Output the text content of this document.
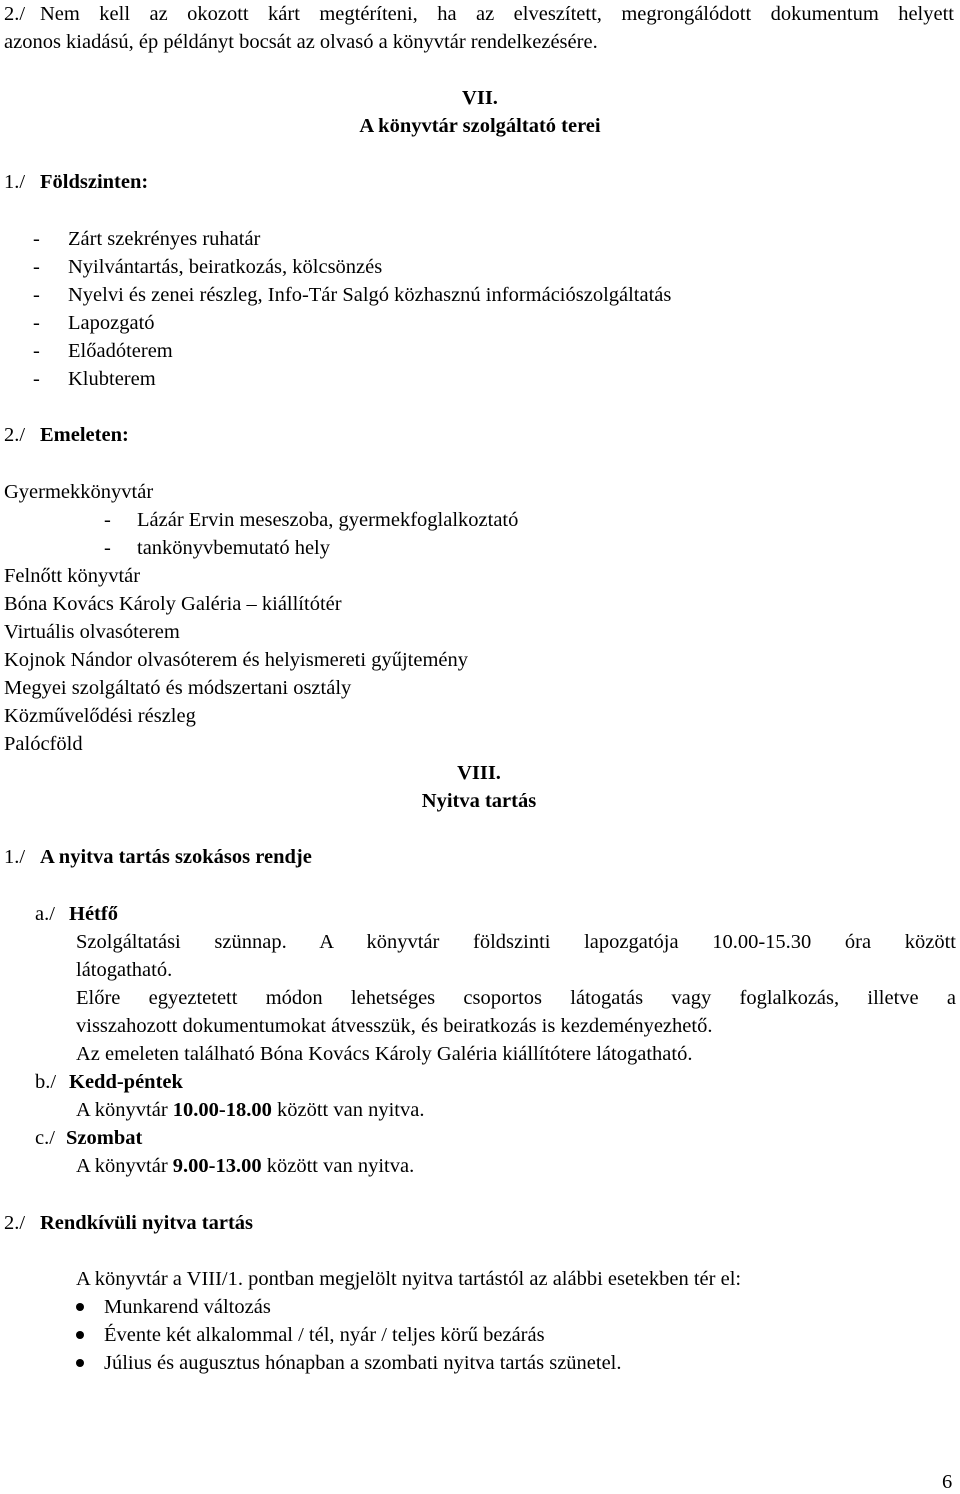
2./ Nem kell az okozott kárt megtéríteni, ha az elveszített, megrongálódott dokumentum helyett
azonos kiadású, ép példányt bocsát az olvasó a könyvtár rendelkezésére.
VII.
A könyvtár szolgáltató terei
1./ Földszinten:
- Zárt szekrényes ruhatár
- Nyilvántartás, beiratkozás, kölcsönzés
- Nyelvi és zenei részleg, Info-Tár Salgó közhasznú információszolgáltatás
- Lapozgató
- Előadóterem
- Klubterem
2./ Emeleten:
Gyermekkönyvtár
- Lázár Ervin meseszoba, gyermekfoglalkoztató
- tankönyvbemutató hely
Felnőtt könyvtár
Bóna Kovács Károly Galéria – kiállítótér
Virtuális olvasóterem
Kojnok Nándor olvasóterem és helyismereti gyűjtemény
Megyei szolgáltató és módszertani osztály
Közművelődési részleg
Palócföld
VIII.
Nyitva tartás
1./ A nyitva tartás szokásos rendje
a./ Hétfő
Szolgáltatási szünnap. A könyvtár földszinti lapozgatója 10.00-15.30 óra között
látogatható.
Előre egyeztetett módon lehetséges csoportos látogatás vagy foglalkozás, illetve a
visszahozott dokumentumokat átvesszük, és beiratkozás is kezdeményezhető.
Az emeleten található Bóna Kovács Károly Galéria kiállítótere látogatható.
b./ Kedd-péntek
A könyvtár 10.00-18.00 között van nyitva.
c./ Szombat
A könyvtár 9.00-13.00 között van nyitva.
2./ Rendkívüli nyitva tartás
A könyvtár a VIII/1. pontban megjelölt nyitva tartástól az alábbi esetekben tér el:
Munkarend változás
Évente két alkalommal / tél, nyár / teljes körű bezárás
Július és augusztus hónapban a szombati nyitva tartás szünetel.
6
